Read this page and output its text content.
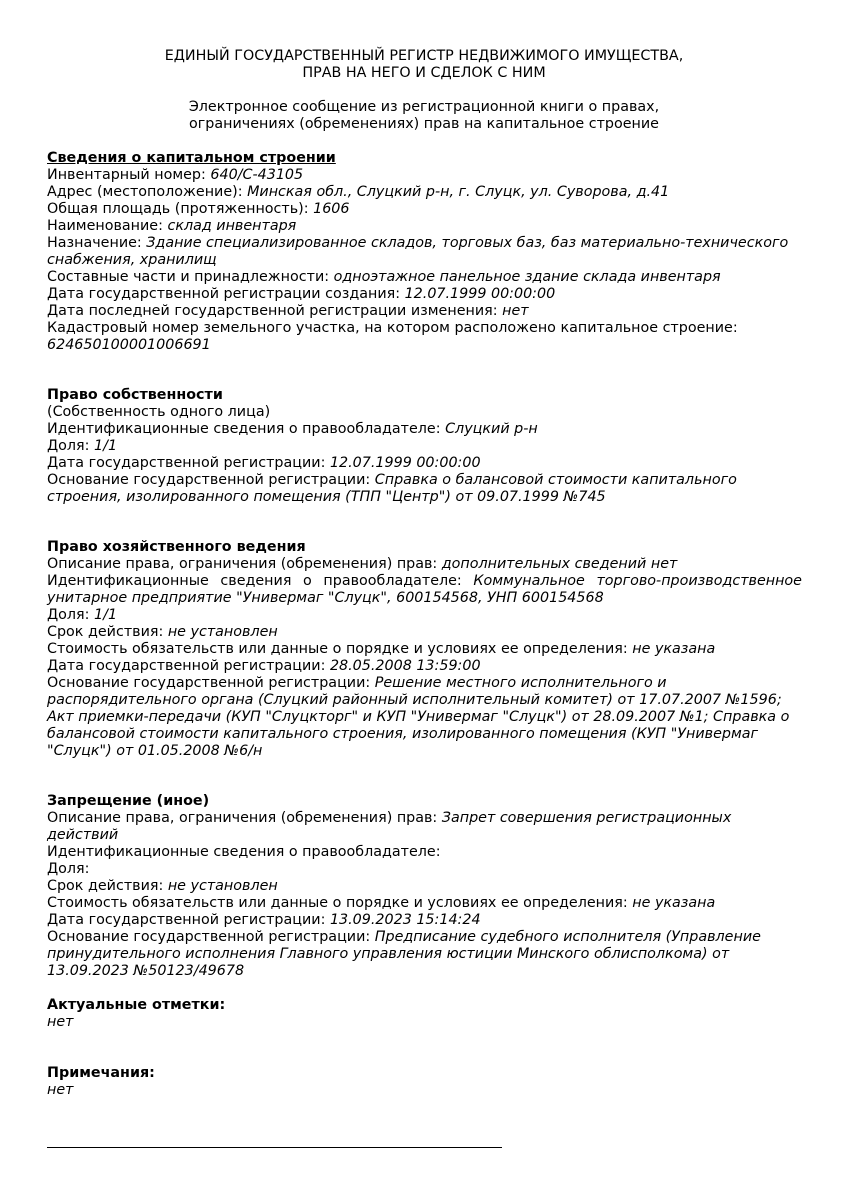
ЕДИНЫЙ ГОСУДАРСТВЕННЫЙ РЕГИСТР НЕДВИЖИМОГО ИМУЩЕСТВА,
ПРАВ НА НЕГО И СДЕЛОК С НИМ
Электронное сообщение из регистрационной книги о правах,
ограничениях (обременениях) прав на капитальное строение

Сведения о капитальном строении

Инвентарный номер: 640/C-43105

Адрес (местоположение): Минская обл., Слуцкий р-н, г. Слуцк, ул. Суворова, д.41

Общая площадь (протяженность): 1606

Наименование: склад инвентаря

Назначение: Здание специализированное складов, торговых баз, баз материально-технического снабжения, хранилищ

Составные части и принадлежности: одноэтажное панельное здание склада инвентаря

Дата государственной регистрации создания: 12.07.1999 00:00:00

Дата последней государственной регистрации изменения: нет

Кадастровый номер земельного участка, на котором расположено капитальное строение: 624650100001006691

Право собственности

(Собственность одного лица)

Идентификационные сведения о правообладателе: Слуцкий р-н

Доля: 1/1

Дата государственной регистрации: 12.07.1999 00:00:00

Основание государственной регистрации: Справка о балансовой стоимости капитального строения, изолированного помещения (ТПП "Центр") от 09.07.1999 №745

Право хозяйственного ведения

Описание права, ограничения (обременения) прав: дополнительных сведений нет

Идентификационные сведения о правообладателе: Коммунальное торгово-производственное унитарное предприятие "Универмаг "Слуцк", 600154568, УНП 600154568

Доля: 1/1

Срок действия: не установлен

Стоимость обязательств или данные о порядке и условиях ее определения: не указана

Дата государственной регистрации: 28.05.2008 13:59:00

Основание государственной регистрации: Решение местного исполнительного и распорядительного органа (Слуцкий районный исполнительный комитет) от 17.07.2007 №1596; Акт приемки-передачи (КУП "Слуцкторг" и КУП "Универмаг "Слуцк") от 28.09.2007 №1; Справка о балансовой стоимости капитального строения, изолированного помещения (КУП "Универмаг "Слуцк") от 01.05.2008 №6/н

Запрещение (иное)

Описание права, ограничения (обременения) прав: Запрет совершения регистрационных действий

Идентификационные сведения о правообладателе:

Доля:

Срок действия: не установлен

Стоимость обязательств или данные о порядке и условиях ее определения: не указана

Дата государственной регистрации: 13.09.2023 15:14:24

Основание государственной регистрации: Предписание судебного исполнителя (Управление принудительного исполнения Главного управления юстиции Минского облисполкома) от 13.09.2023 №50123/49678

Актуальные отметки:

нет

Примечания:

нет
